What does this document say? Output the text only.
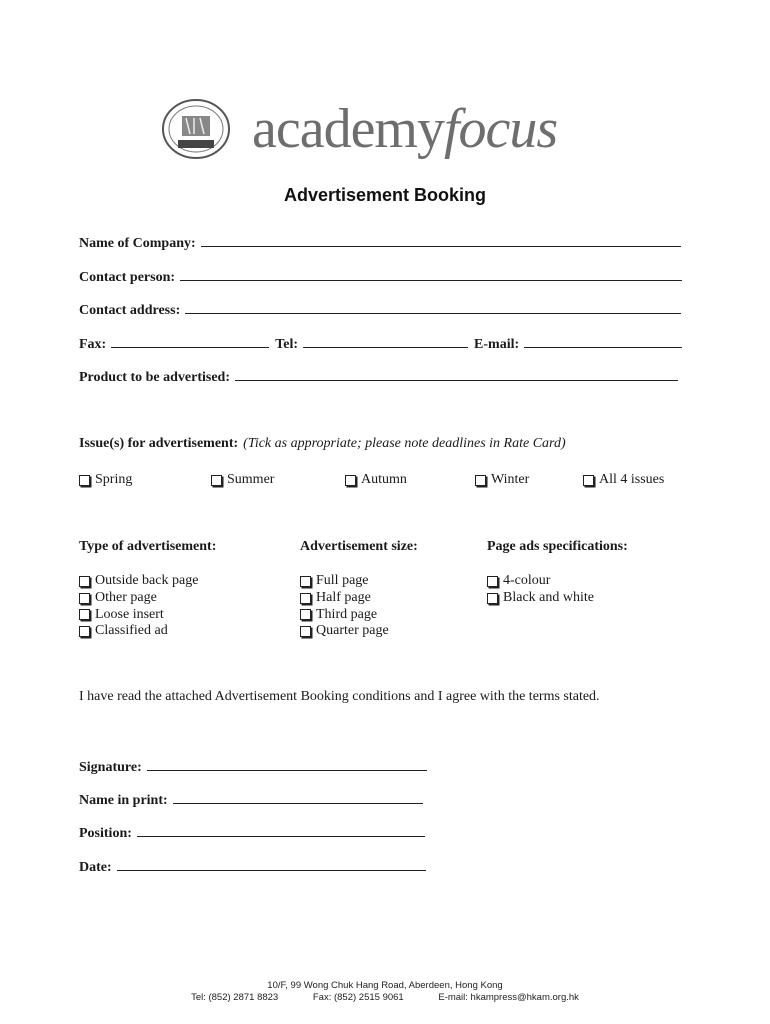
academyfocus
Advertisement Booking
Name of Company:
Contact person:
Contact address:
Fax:	Tel:	E-mail:
Product to be advertised:
Issue(s) for advertisement: (Tick as appropriate; please note deadlines in Rate Card)
Spring	Summer	Autumn	Winter	All 4 issues
Type of advertisement:	Advertisement size:	Page ads specifications:
Outside back page
Other page
Loose insert
Classified ad
Full page
Half page
Third page
Quarter page
4-colour
Black and white
I have read the attached Advertisement Booking conditions and I agree with the terms stated.
Signature:
Name in print:
Position:
Date:
10/F, 99 Wong Chuk Hang Road, Aberdeen, Hong Kong
Tel: (852) 2871 8823	Fax: (852) 2515 9061	E-mail: hkampress@hkam.org.hk
